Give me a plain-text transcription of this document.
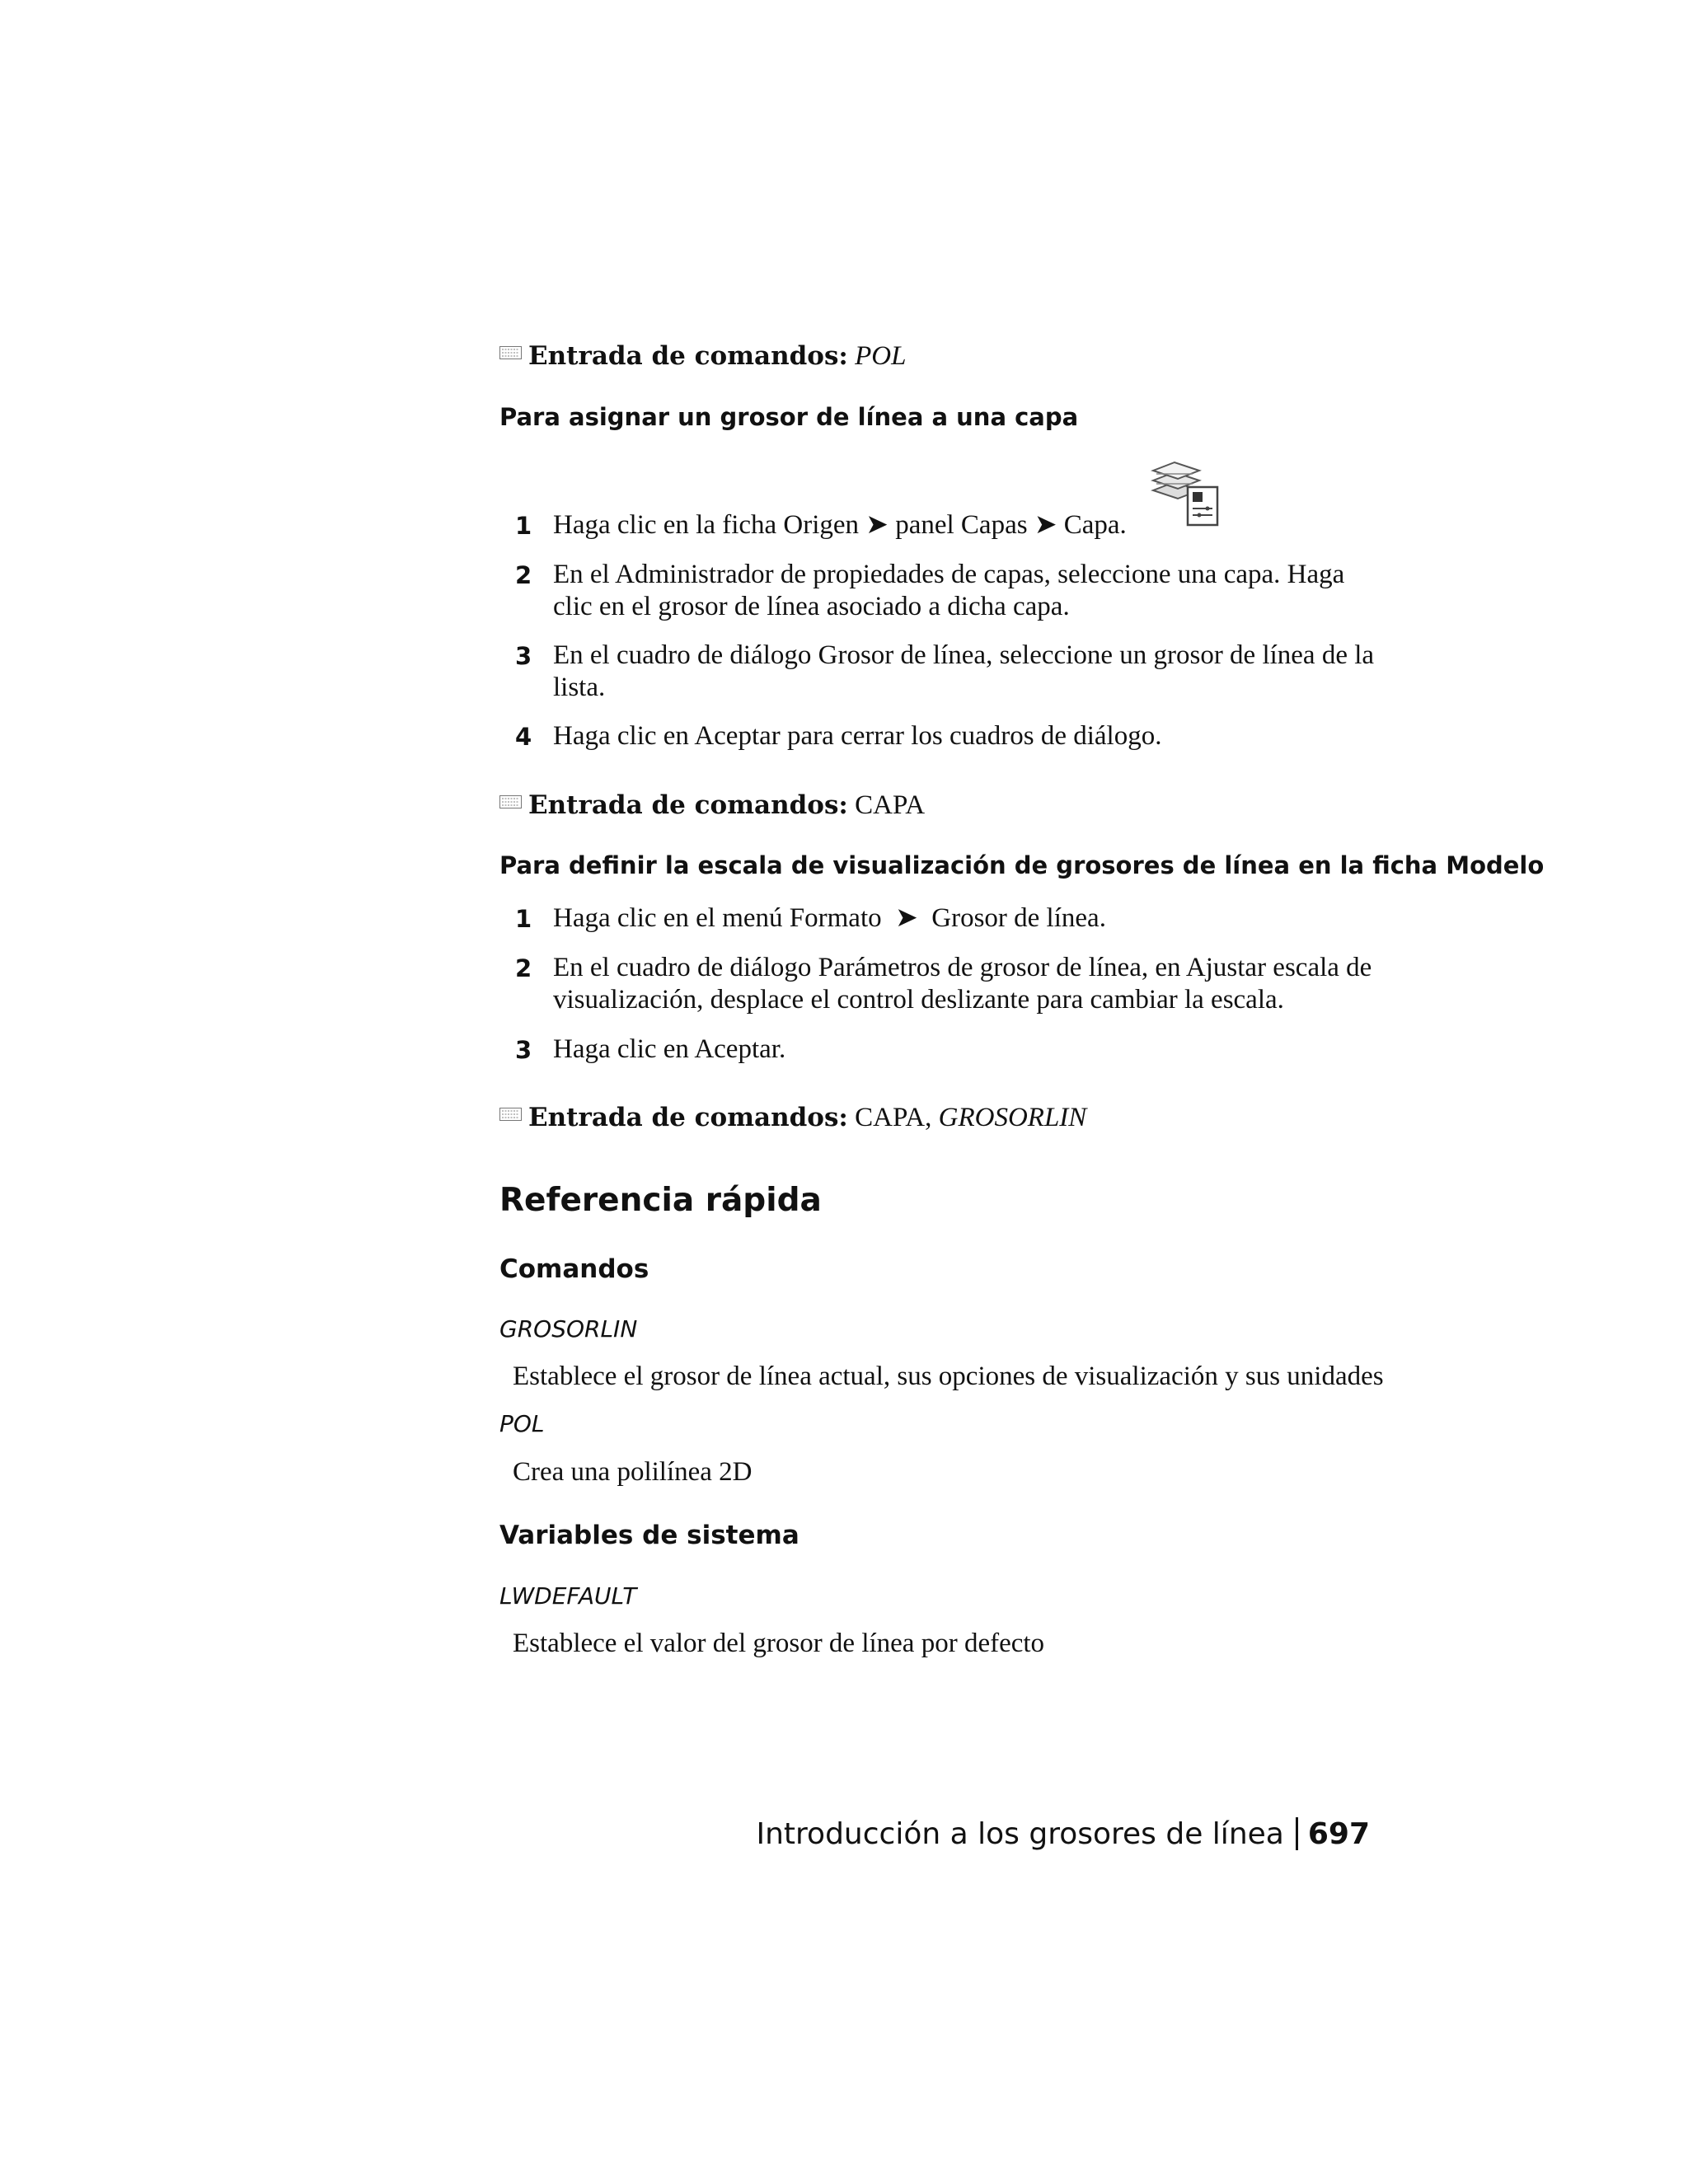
Entrada de comandos: POL
Para asignar un grosor de línea a una capa
1 Haga clic en la ficha Origen ➤ panel Capas ➤ Capa.
2 En el Administrador de propiedades de capas, seleccione una capa. Haga clic en el grosor de línea asociado a dicha capa.
3 En el cuadro de diálogo Grosor de línea, seleccione un grosor de línea de la lista.
4 Haga clic en Aceptar para cerrar los cuadros de diálogo.
Entrada de comandos: CAPA
Para definir la escala de visualización de grosores de línea en la ficha Modelo
1 Haga clic en el menú Formato  ➤  Grosor de línea.
2 En el cuadro de diálogo Parámetros de grosor de línea, en Ajustar escala de visualización, desplace el control deslizante para cambiar la escala.
3 Haga clic en Aceptar.
Entrada de comandos: CAPA, GROSORLIN
Referencia rápida
Comandos
GROSORLIN
Establece el grosor de línea actual, sus opciones de visualización y sus unidades
POL
Crea una polilínea 2D
Variables de sistema
LWDEFAULT
Establece el valor del grosor de línea por defecto
Introducción a los grosores de línea 697
